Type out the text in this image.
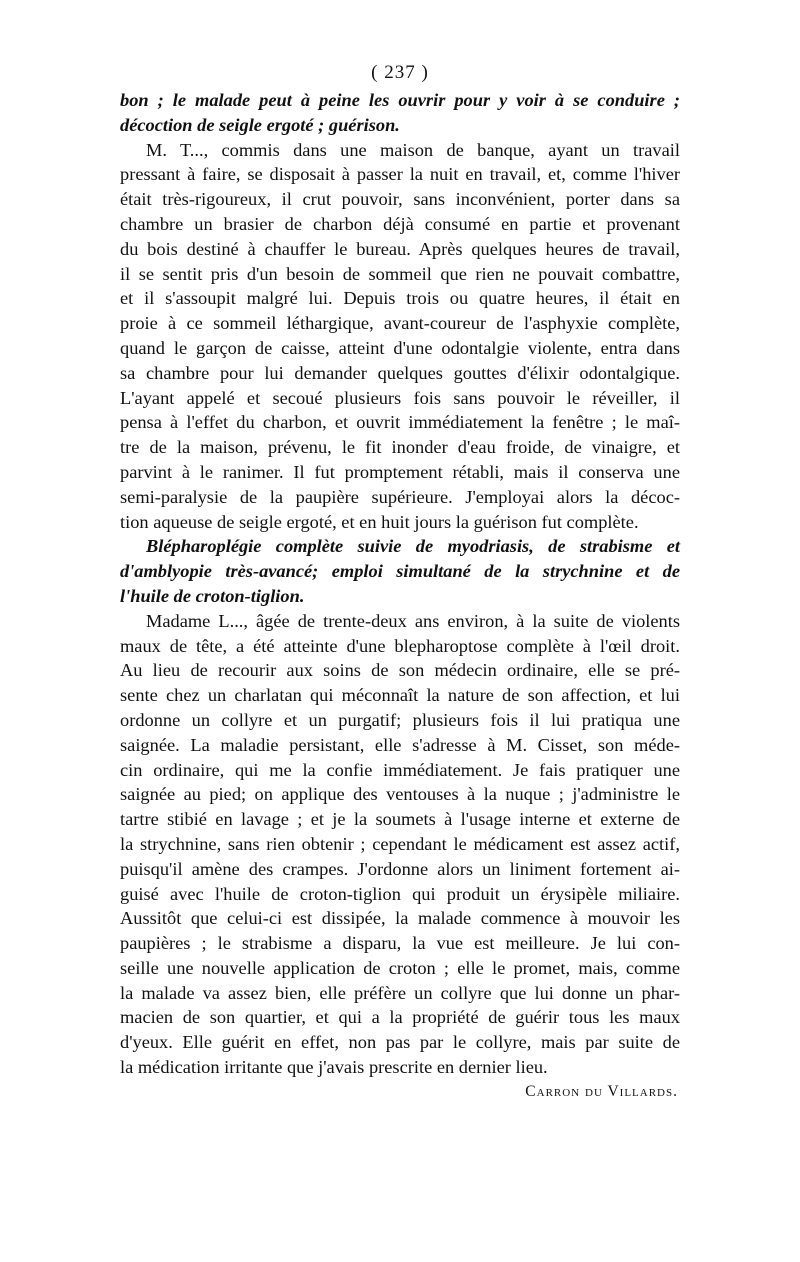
( 237 )
bon ; le malade peut à peine les ouvrir pour y voir à se conduire ;
décoction de seigle ergoté ; guérison.
M. T..., commis dans une maison de banque, ayant un travail
pressant à faire, se disposait à passer la nuit en travail, et, comme l'hiver
était très-rigoureux, il crut pouvoir, sans inconvénient, porter dans sa
chambre un brasier de charbon déjà consumé en partie et provenant
du bois destiné à chauffer le bureau. Après quelques heures de travail,
il se sentit pris d'un besoin de sommeil que rien ne pouvait combattre,
et il s'assoupit malgré lui. Depuis trois ou quatre heures, il était en
proie à ce sommeil léthargique, avant-coureur de l'asphyxie complète,
quand le garçon de caisse, atteint d'une odontalgie violente, entra dans
sa chambre pour lui demander quelques gouttes d'élixir odontalgique.
L'ayant appelé et secoué plusieurs fois sans pouvoir le réveiller, il
pensa à l'effet du charbon, et ouvrit immédiatement la fenêtre ; le maî-
tre de la maison, prévenu, le fit inonder d'eau froide, de vinaigre, et
parvint à le ranimer. Il fut promptement rétabli, mais il conserva une
semi-paralysie de la paupière supérieure. J'employai alors la décoc-
tion aqueuse de seigle ergoté, et en huit jours la guérison fut complète.
Blépharoplégie complète suivie de myodriasis, de strabisme et
d'amblyopie très-avancé; emploi simultané de la strychnine et de
l'huile de croton-tiglion.
Madame L..., âgée de trente-deux ans environ, à la suite de violents
maux de tête, a été atteinte d'une blepharoptose complète à l'œil droit.
Au lieu de recourir aux soins de son médecin ordinaire, elle se pré-
sente chez un charlatan qui méconnaît la nature de son affection, et lui
ordonne un collyre et un purgatif; plusieurs fois il lui pratiqua une
saignée. La maladie persistant, elle s'adresse à M. Cisset, son méde-
cin ordinaire, qui me la confie immédiatement. Je fais pratiquer une
saignée au pied; on applique des ventouses à la nuque ; j'administre le
tartre stibié en lavage ; et je la soumets à l'usage interne et externe de
la strychnine, sans rien obtenir ; cependant le médicament est assez actif,
puisqu'il amène des crampes. J'ordonne alors un liniment fortement ai-
guisé avec l'huile de croton-tiglion qui produit un érysipèle miliaire.
Aussitôt que celui-ci est dissipée, la malade commence à mouvoir les
paupières ; le strabisme a disparu, la vue est meilleure. Je lui con-
seille une nouvelle application de croton ; elle le promet, mais, comme
la malade va assez bien, elle préfère un collyre que lui donne un phar-
macien de son quartier, et qui a la propriété de guérir tous les maux
d'yeux. Elle guérit en effet, non pas par le collyre, mais par suite de
la médication irritante que j'avais prescrite en dernier lieu.
Carron du Villards.
